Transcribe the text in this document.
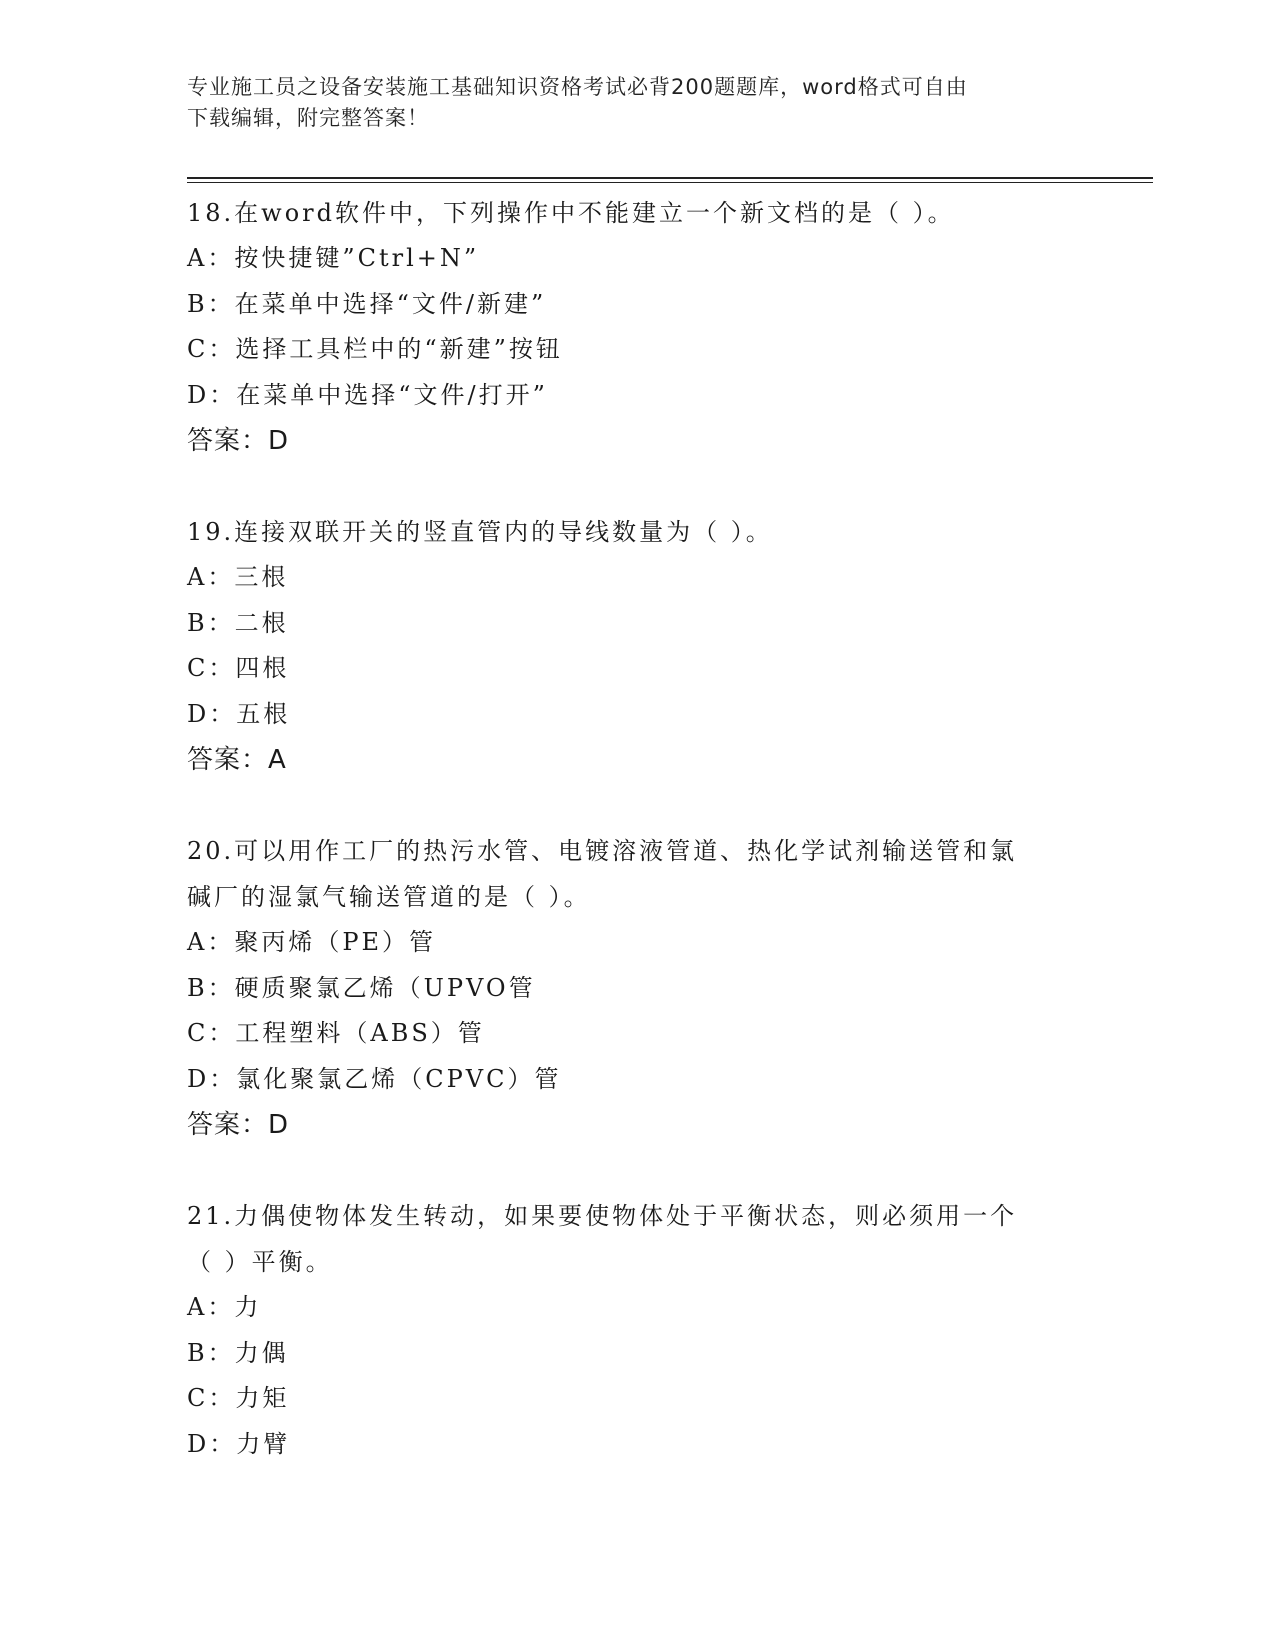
专业施工员之设备安装施工基础知识资格考试必背200题题库，word格式可自由
下载编辑，附完整答案！
18.在word软件中，下列操作中不能建立一个新文档的是（ ）。
A：按快捷键”Ctrl+N”
B：在菜单中选择“文件/新建”
C：选择工具栏中的“新建”按钮
D：在菜单中选择“文件/打开”
答案：D
19.连接双联开关的竖直管内的导线数量为（ ）。
A：三根
B：二根
C：四根
D：五根
答案：A
20.可以用作工厂的热污水管、电镀溶液管道、热化学试剂输送管和氯
碱厂的湿氯气输送管道的是（ ）。
A：聚丙烯（PE）管
B：硬质聚氯乙烯（UPVO管
C：工程塑料（ABS）管
D：氯化聚氯乙烯（CPVC）管
答案：D
21.力偶使物体发生转动，如果要使物体处于平衡状态，则必须用一个
（ ）平衡。
A：力
B：力偶
C：力矩
D：力臂
